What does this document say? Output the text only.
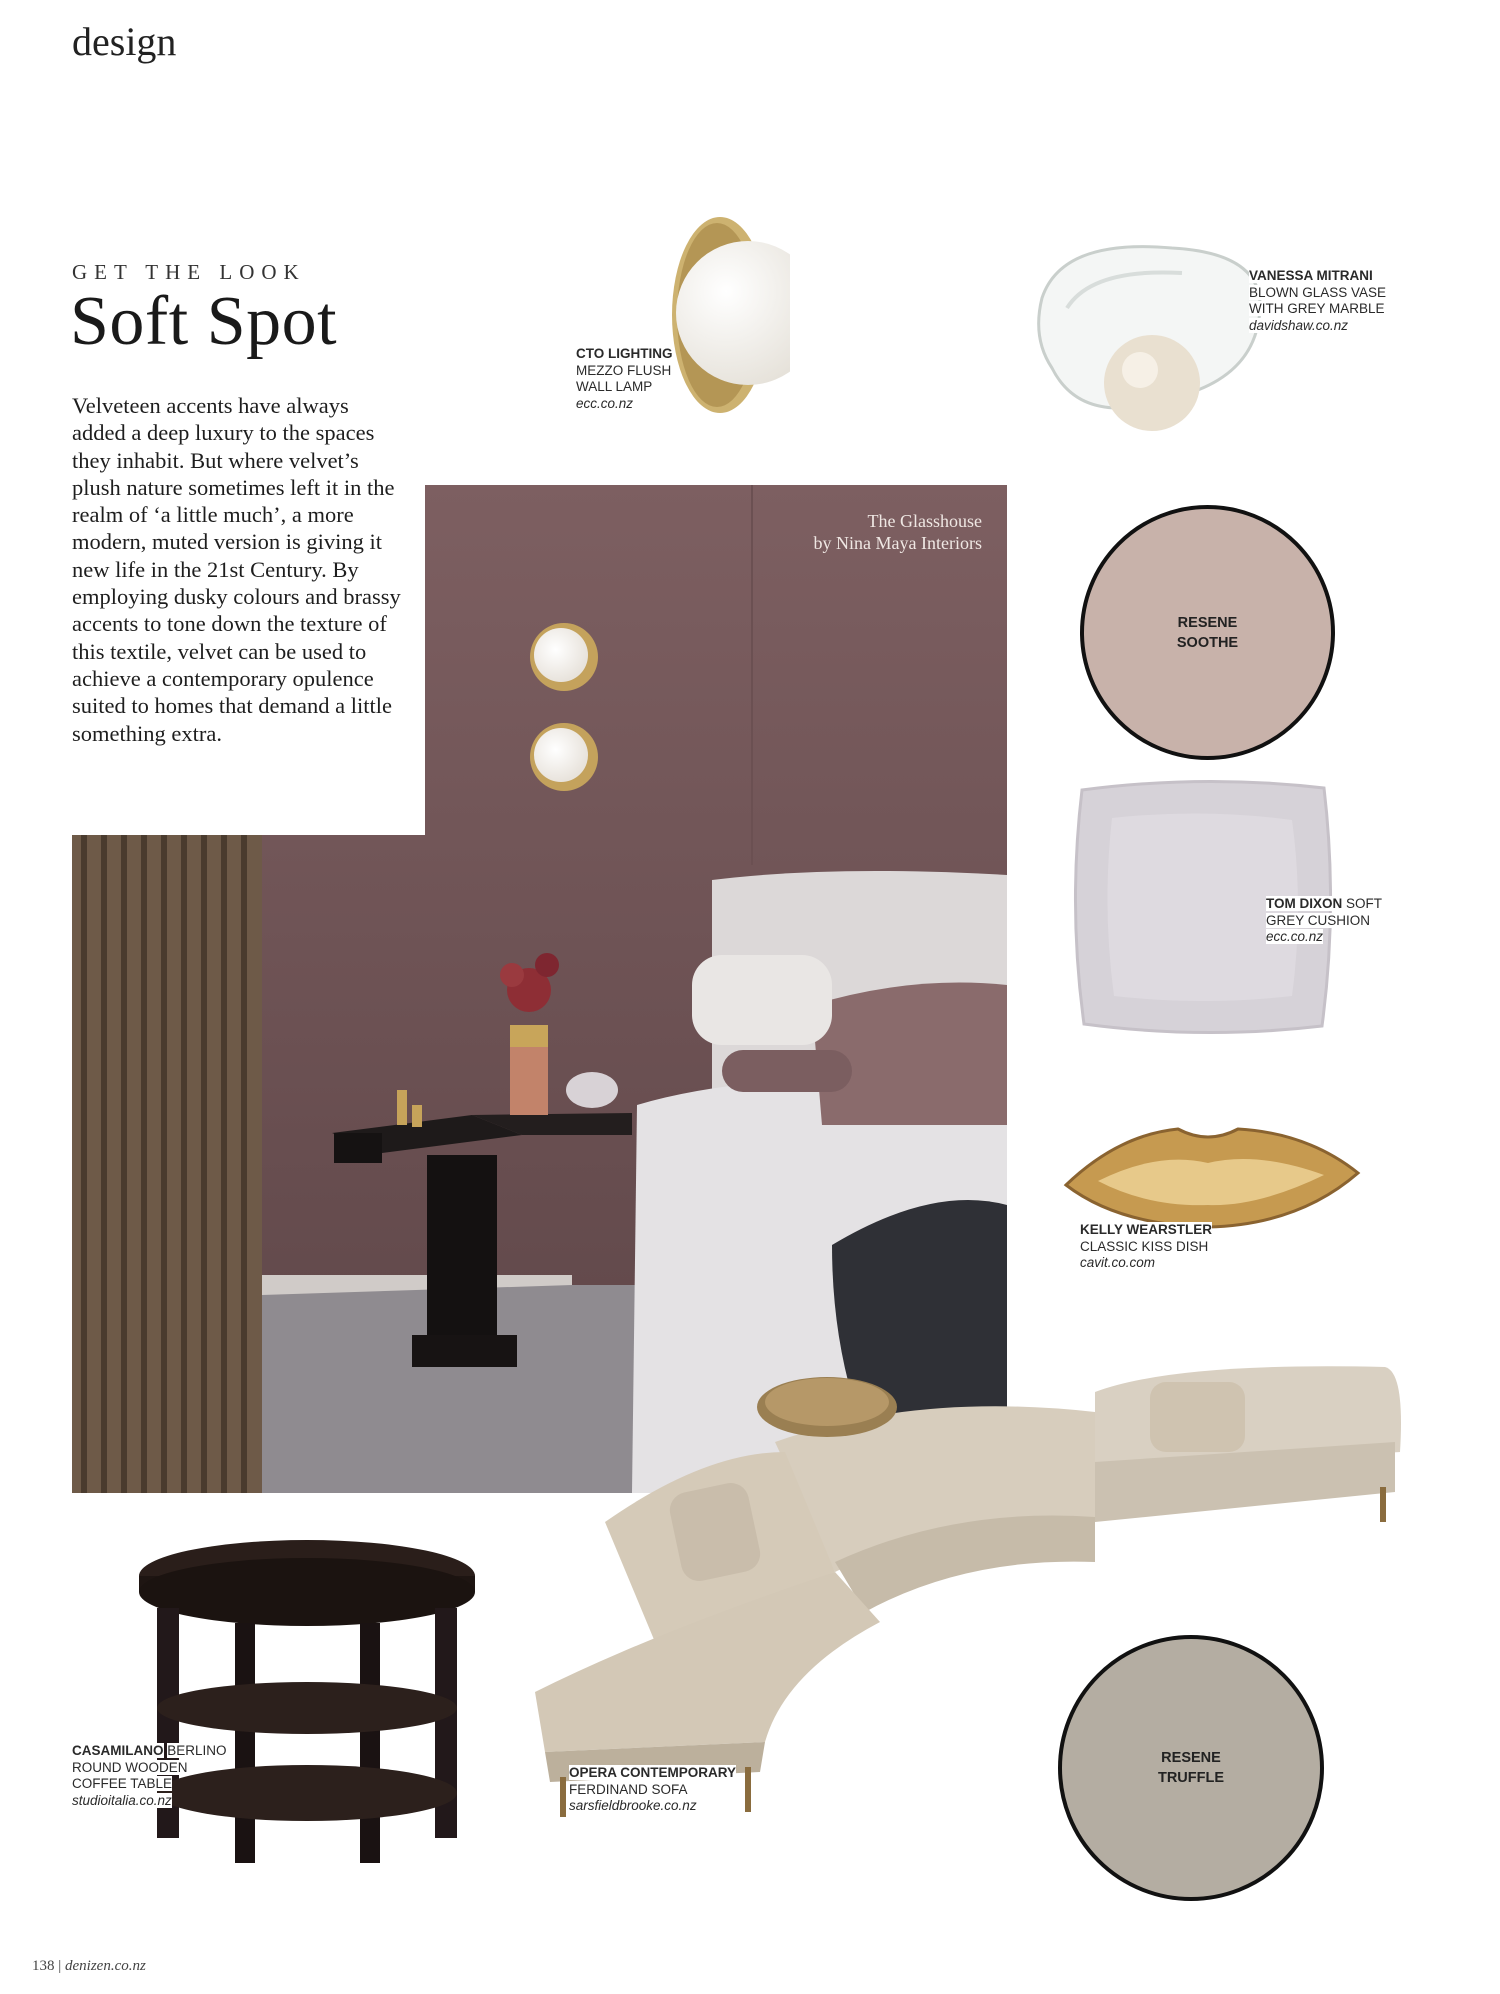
design
The Glasshouse
by Nina Maya Interiors
GET THE LOOK
Soft Spot
Velveteen accents have always added a deep luxury to the spaces they inhabit. But where velvet’s plush nature sometimes left it in the realm of ‘a little much’, a more modern, muted version is giving it new life in the 21st Century. By employing dusky colours and brassy accents to tone down the texture of this textile, velvet can be used to achieve a contemporary opulence suited to homes that demand a little something extra.
CTO LIGHTING
MEZZO FLUSH
WALL LAMP
ecc.co.nz
VANESSA MITRANI
BLOWN GLASS VASE
WITH GREY MARBLE
davidshaw.co.nz
RESENE
SOOTHE
TOM DIXON SOFT
GREY CUSHION
ecc.co.nz
KELLY WEARSTLER
CLASSIC KISS DISH
cavit.co.com
OPERA CONTEMPORARY
FERDINAND SOFA
sarsfieldbrooke.co.nz
RESENE
TRUFFLE
CASAMILANO BERLINO
ROUND WOODEN
COFFEE TABLE
studioitalia.co.nz
138 | denizen.co.nz
